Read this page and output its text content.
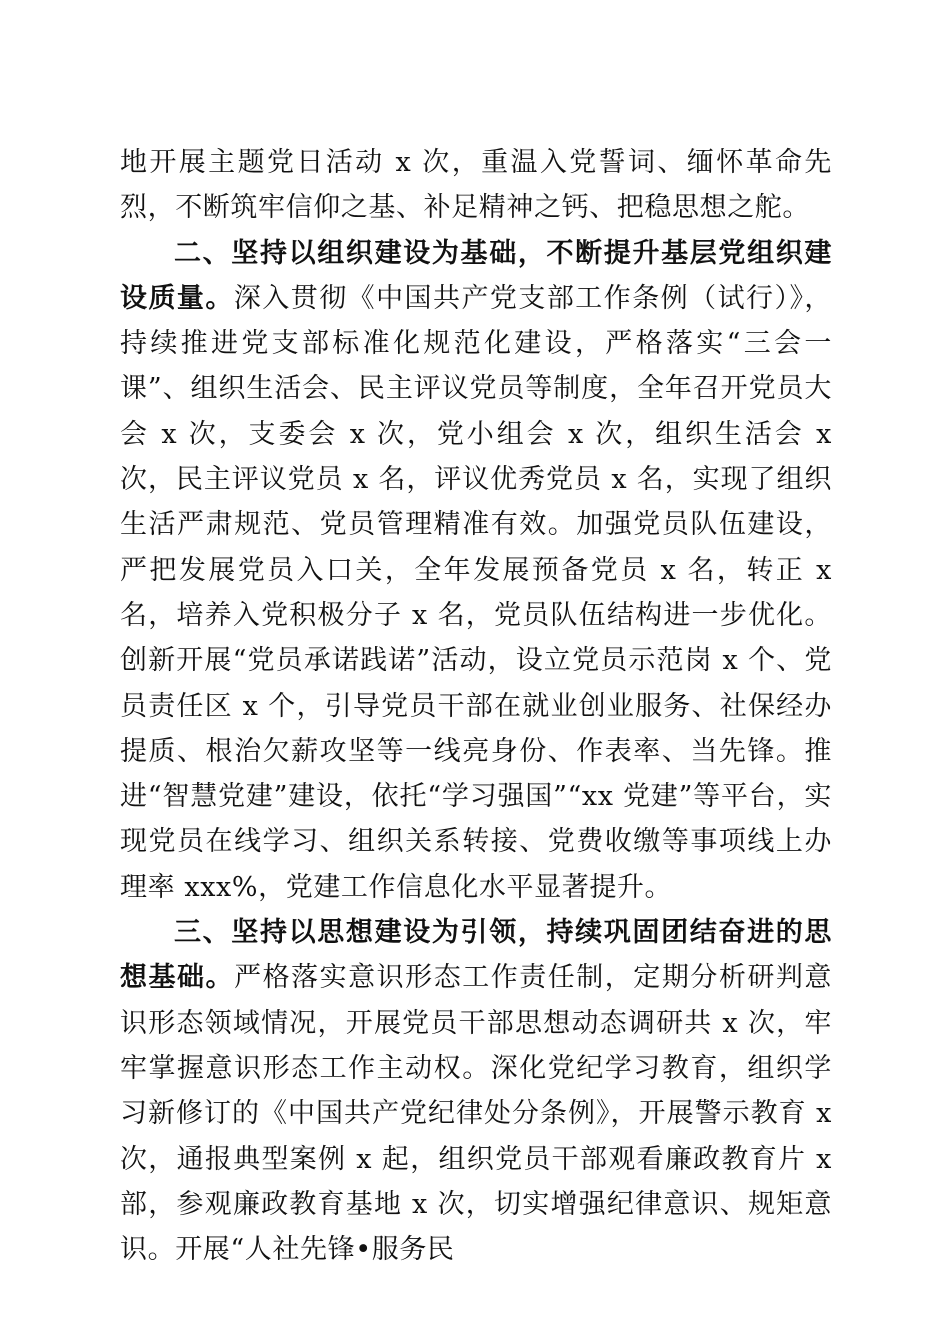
地开展主题党日活动 x 次，重温入党誓词、缅怀革命先烈，不断筑牢信仰之基、补足精神之钙、把稳思想之舵。

二、坚持以组织建设为基础，不断提升基层党组织建设质量。深入贯彻《中国共产党支部工作条例（试行）》，持续推进党支部标准化规范化建设，严格落实“三会一课”、组织生活会、民主评议党员等制度，全年召开党员大会 x 次，支委会 x 次，党小组会 x 次，组织生活会 x 次，民主评议党员 x 名，评议优秀党员 x 名，实现了组织生活严肃规范、党员管理精准有效。加强党员队伍建设，严把发展党员入口关，全年发展预备党员 x 名，转正 x 名，培养入党积极分子 x 名，党员队伍结构进一步优化。创新开展“党员承诺践诺”活动，设立党员示范岗 x 个、党员责任区 x 个，引导党员干部在就业创业服务、社保经办提质、根治欠薪攻坚等一线亮身份、作表率、当先锋。推进“智慧党建”建设，依托“学习强国”“xx 党建”等平台，实现党员在线学习、组织关系转接、党费收缴等事项线上办理率 xxx%，党建工作信息化水平显著提升。

三、坚持以思想建设为引领，持续巩固团结奋进的思想基础。严格落实意识形态工作责任制，定期分析研判意识形态领域情况，开展党员干部思想动态调研共 x 次，牢牢掌握意识形态工作主动权。深化党纪学习教育，组织学习新修订的《中国共产党纪律处分条例》，开展警示教育 x 次，通报典型案例 x 起，组织党员干部观看廉政教育片 x 部，参观廉政教育基地 x 次，切实增强纪律意识、规矩意识。开展“人社先锋•服务民
